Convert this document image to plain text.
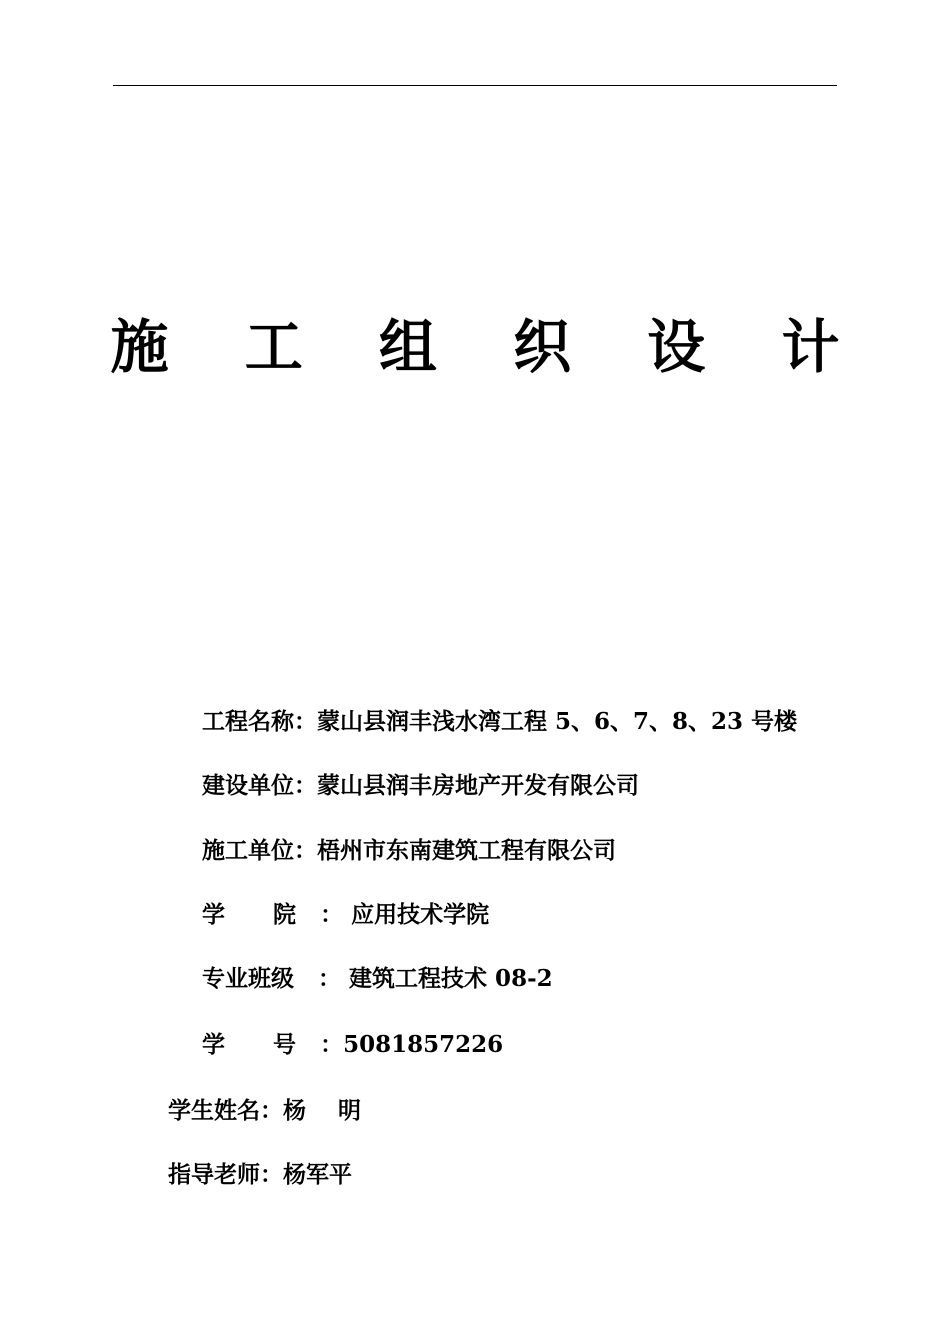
施 工 组 织 设 计

工程名称：蒙山县润丰浅水湾工程 5、6、7、8、23 号楼

建设单位：蒙山县润丰房地产开发有限公司

施工单位：梧州市东南建筑工程有限公司

学      院   ： 应用技术学院

专业班级   ： 建筑工程技术 08-2

学      号   ：5081857226

学生姓名：杨    明

指导老师：杨军平
